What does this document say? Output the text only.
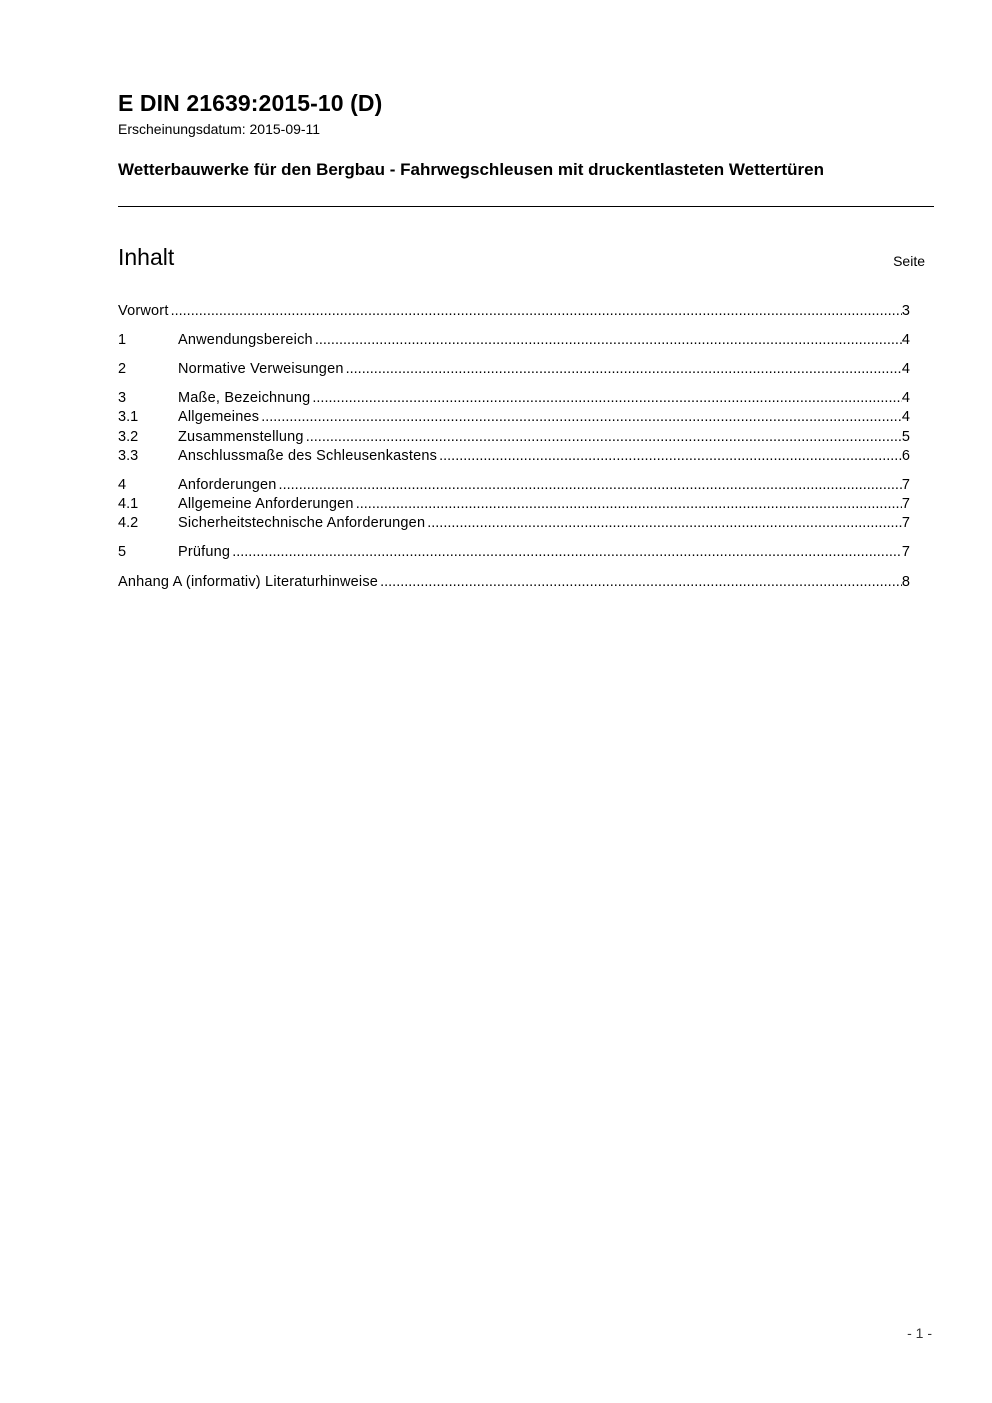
E DIN 21639:2015-10 (D)
Erscheinungsdatum: 2015-09-11
Wetterbauwerke für den Bergbau - Fahrwegschleusen mit druckentlasteten Wettertüren
Inhalt	Seite
Vorwort .....	3
1	Anwendungsbereich .....	4
2	Normative Verweisungen .....	4
3	Maße, Bezeichnung .....	4
3.1	Allgemeines .....	4
3.2	Zusammenstellung .....	5
3.3	Anschlussmaße des Schleusenkastens .....	6
4	Anforderungen .....	7
4.1	Allgemeine Anforderungen .....	7
4.2	Sicherheitstechnische Anforderungen .....	7
5	Prüfung .....	7
Anhang A (informativ) Literaturhinweise .....	8
- 1 -
